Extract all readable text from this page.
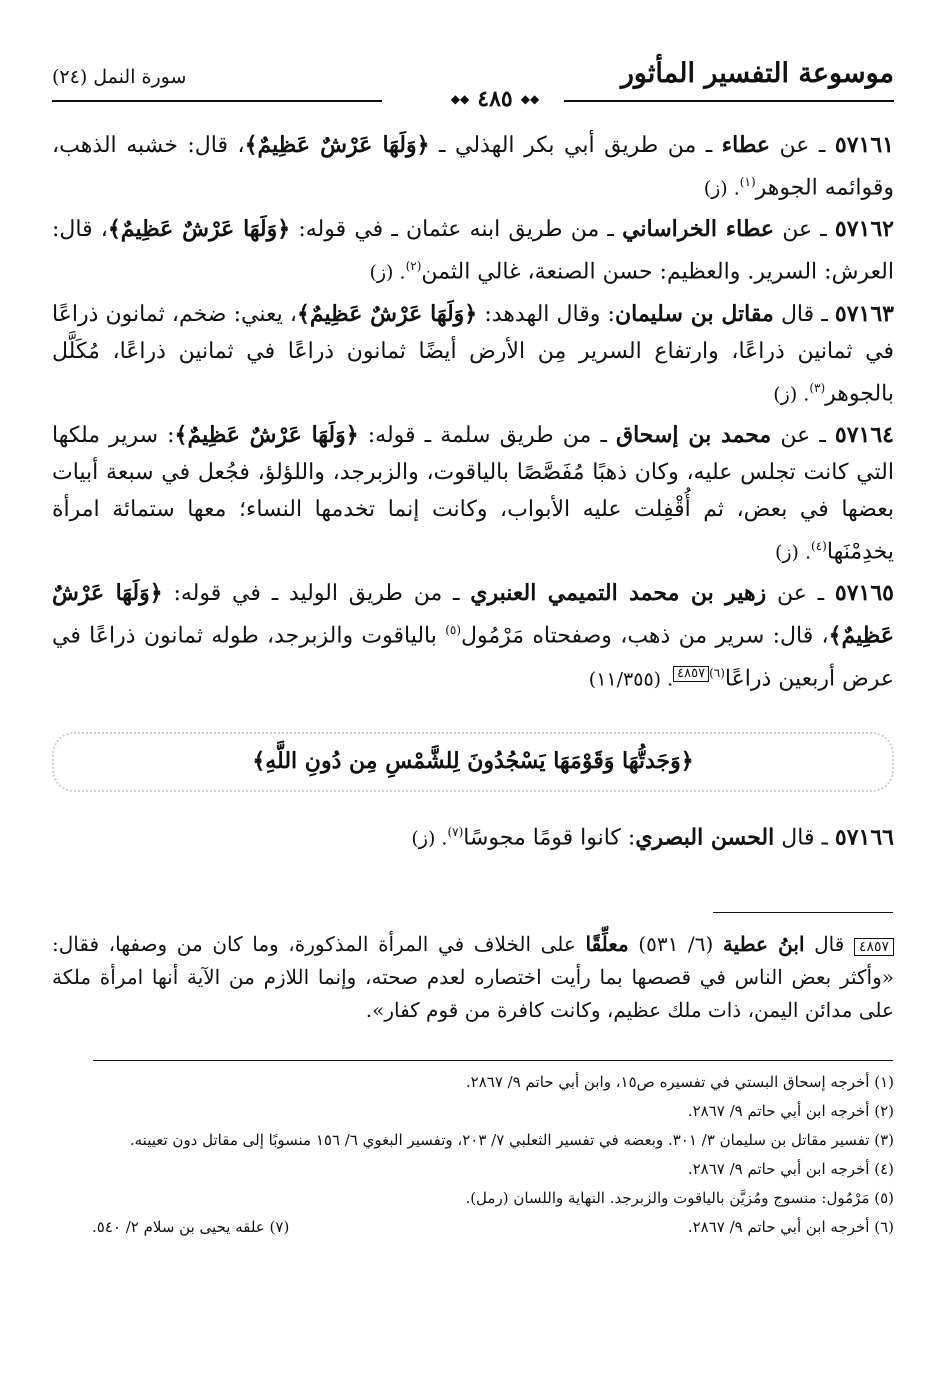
موسوعة التفسير المأثور
◆◆ ٤٨٥ ◆◆
سورة النمل (٢٤)

٥٧١٦١ ـ عن عطاء ـ من طريق أبي بكر الهذلي ـ ﴿وَلَهَا عَرْشٌ عَظِيمٌ﴾، قال: خشبه الذهب، وقوائمه الجوهر$^{(١)}$. (ز)

٥٧١٦٢ ـ عن عطاء الخراساني ـ من طريق ابنه عثمان ـ في قوله: ﴿وَلَهَا عَرْشٌ عَظِيمٌ﴾، قال: العرش: السرير. والعظيم: حسن الصنعة، غالي الثمن$^{(٢)}$. (ز)

٥٧١٦٣ ـ قال مقاتل بن سليمان: وقال الهدهد: ﴿وَلَهَا عَرْشٌ عَظِيمٌ﴾، يعني: ضخم، ثمانون ذراعًا في ثمانين ذراعًا، وارتفاع السرير مِن الأرض أيضًا ثمانون ذراعًا في ثمانين ذراعًا، مُكَلَّل بالجوهر$^{(٣)}$. (ز)

٥٧١٦٤ ـ عن محمد بن إسحاق ـ من طريق سلمة ـ قوله: ﴿وَلَهَا عَرْشٌ عَظِيمٌ﴾: سرير ملكها التي كانت تجلس عليه، وكان ذهبًا مُفَصَّصًا بالياقوت، والزبرجد، واللؤلؤ، فجُعل في سبعة أبيات بعضها في بعض، ثم أُقْفِلت عليه الأبواب، وكانت إنما تخدمها النساء؛ معها ستمائة امرأة يخدِمْنَها$^{(٤)}$. (ز)

٥٧١٦٥ ـ عن زهير بن محمد التميمي العنبري ـ من طريق الوليد ـ في قوله: ﴿وَلَهَا عَرْشٌ عَظِيمٌ﴾، قال: سرير من ذهب، وصفحتاه مَرْمُول$^{(٥)}$ بالياقوت والزبرجد، طوله ثمانون ذراعًا في عرض أربعين ذراعًا$^{(٦)}$٤٨٥٧. (١١/٣٥٥)

﴿وَجَدتُّهَا وَقَوْمَهَا يَسْجُدُونَ لِلشَّمْسِ مِن دُونِ اللَّهِ﴾

٥٧١٦٦ ـ قال الحسن البصري: كانوا قومًا مجوسًا$^{(٧)}$. (ز)

٤٨٥٧ قال ابنُ عطية (٦/ ٥٣١) معلِّقًا على الخلاف في المرأة المذكورة، وما كان من وصفها، فقال: «وأكثر بعض الناس في قصصها بما رأيت اختصاره لعدم صحته، وإنما اللازم من الآية أنها امرأة ملكة على مدائن اليمن، ذات ملك عظيم، وكانت كافرة من قوم كفار».

(١) أخرجه إسحاق البستي في تفسيره ص١٥، وابن أبي حاتم ٩/ ٢٨٦٧.

(٢) أخرجه ابن أبي حاتم ٩/ ٢٨٦٧.

(٣) تفسير مقاتل بن سليمان ٣/ ٣٠١. وبعضه في تفسير الثعلبي ٧/ ٢٠٣، وتفسير البغوي ٦/ ١٥٦ منسوبًا إلى مقاتل دون تعيينه.

(٤) أخرجه ابن أبي حاتم ٩/ ٢٨٦٧.

(٥) مَرْمُول: منسوج ومُزيَّن بالياقوت والزبرجد. النهاية واللسان (رمل).

(٦) أخرجه ابن أبي حاتم ٩/ ٢٨٦٧.

(٧) علقه يحيى بن سلام ٢/ ٥٤٠.
